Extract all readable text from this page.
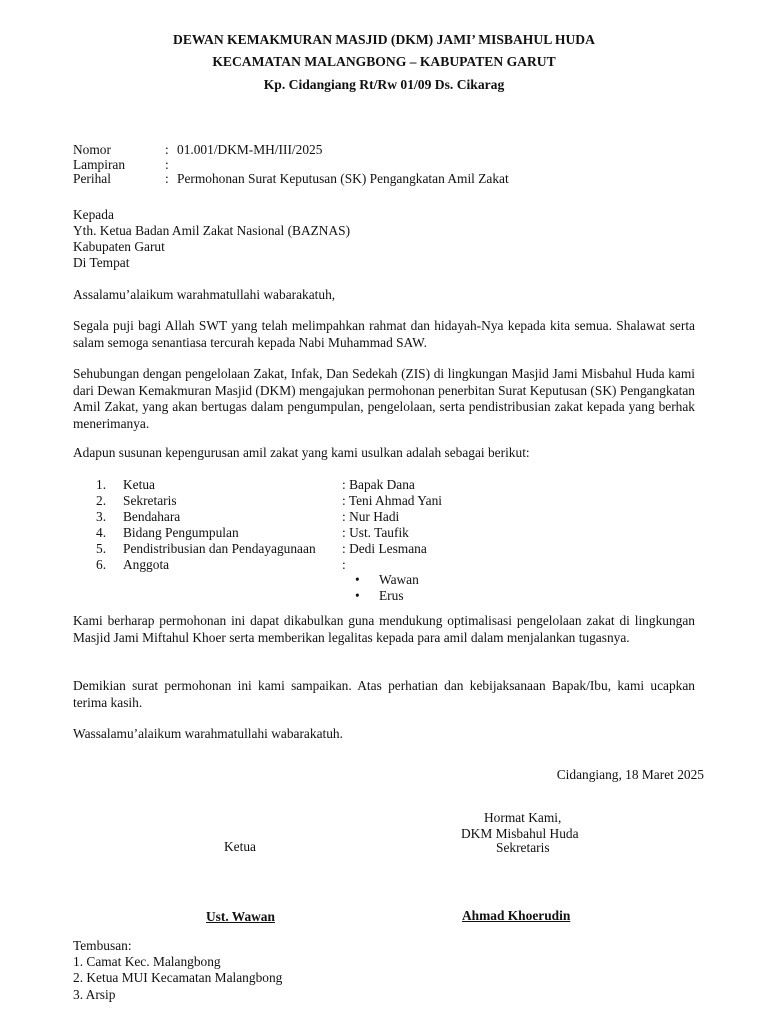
DEWAN KEMAKMURAN MASJID (DKM) JAMI’ MISBAHUL HUDA
KECAMATAN MALANGBONG – KABUPATEN GARUT
Kp. Cidangiang Rt/Rw 01/09 Ds. Cikarag
Nomor	: 01.001/DKM-MH/III/2025
Lampiran	:
Perihal	: Permohonan Surat Keputusan (SK) Pengangkatan Amil Zakat
Kepada
Yth. Ketua Badan Amil Zakat Nasional (BAZNAS)
Kabupaten Garut
Di Tempat
Assalamu’alaikum warahmatullahi wabarakatuh,
Segala puji bagi Allah SWT yang telah melimpahkan rahmat dan hidayah-Nya kepada kita semua. Shalawat serta salam semoga senantiasa tercurah kepada Nabi Muhammad SAW.
Sehubungan dengan pengelolaan Zakat, Infak, Dan Sedekah (ZIS) di lingkungan Masjid Jami Misbahul Huda kami dari Dewan Kemakmuran Masjid (DKM) mengajukan permohonan penerbitan Surat Keputusan (SK) Pengangkatan Amil Zakat, yang akan bertugas dalam pengumpulan, pengelolaan, serta pendistribusian zakat kepada yang berhak menerimanya.
Adapun susunan kepengurusan amil zakat yang kami usulkan adalah sebagai berikut:
1. Ketua	: Bapak Dana
2. Sekretaris	: Teni Ahmad Yani
3. Bendahara	: Nur Hadi
4. Bidang Pengumpulan	: Ust. Taufik
5. Pendistribusian dan Pendayagunaan : Dedi Lesmana
6. Anggota	:
• Wawan
• Erus
Kami berharap permohonan ini dapat dikabulkan guna mendukung optimalisasi pengelolaan zakat di lingkungan Masjid Jami Miftahul Khoer serta memberikan legalitas kepada para amil dalam menjalankan tugasnya.
Demikian surat permohonan ini kami sampaikan. Atas perhatian dan kebijaksanaan Bapak/Ibu, kami ucapkan terima kasih.
Wassalamu’alaikum warahmatullahi wabarakatuh.
Cidangiang, 18 Maret 2025
Hormat Kami,
DKM Misbahul Huda
Ketua	Sekretaris
Ust. Wawan	Ahmad Khoerudin
Tembusan:
1. Camat Kec. Malangbong
2. Ketua MUI Kecamatan Malangbong
3. Arsip
